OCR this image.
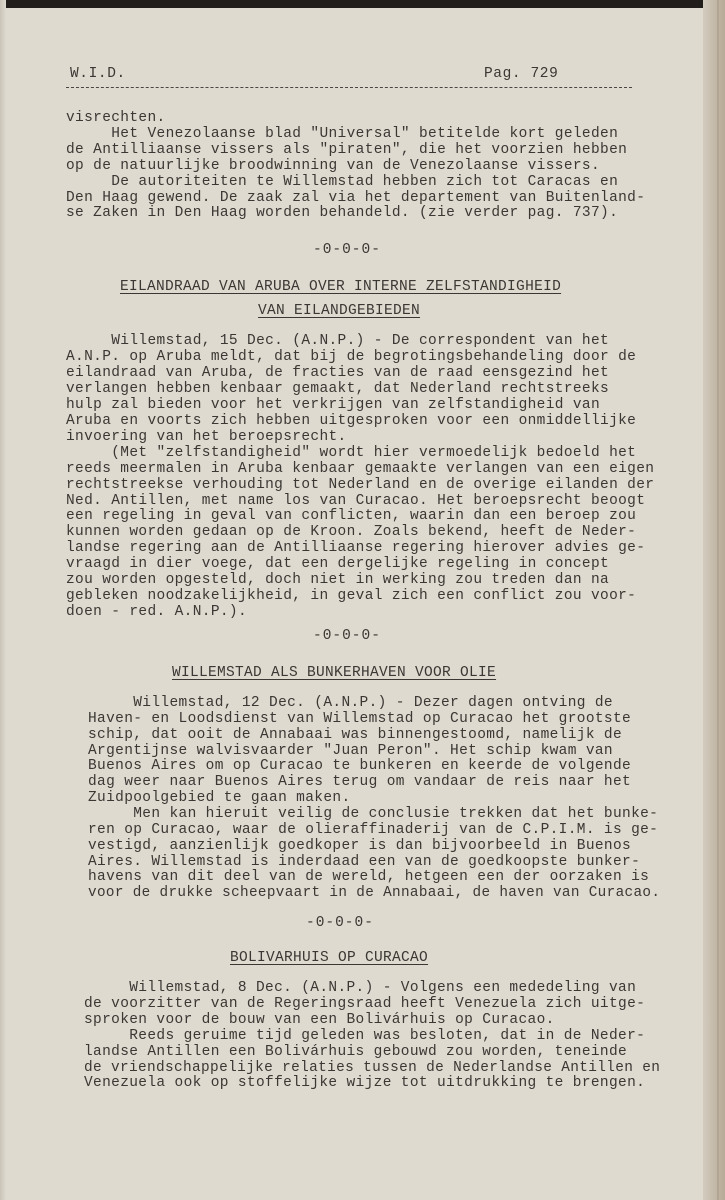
W.I.D.	Pag. 729
visrechten.
Het Venezolaanse blad "Universal" betitelde kort geleden
de Antilliaanse vissers als "piraten", die het voorzien hebben
op de natuurlijke broodwinning van de Venezolaanse vissers.
De autoriteiten te Willemstad hebben zich tot Caracas en
Den Haag gewend. De zaak zal via het departement van Buitenland-
se Zaken in Den Haag worden behandeld. (zie verder pag. 737).
-0-0-0-
EILANDRAAD VAN ARUBA OVER INTERNE ZELFSTANDIGHEID
VAN EILANDGEBIEDEN
Willemstad, 15 Dec. (A.N.P.) - De correspondent van het
A.N.P. op Aruba meldt, dat bij de begrotingsbehandeling door de
eilandraad van Aruba, de fracties van de raad eensgezind het
verlangen hebben kenbaar gemaakt, dat Nederland rechtstreeks
hulp zal bieden voor het verkrijgen van zelfstandigheid van
Aruba en voorts zich hebben uitgesproken voor een onmiddellijke
invoering van het beroepsrecht.
(Met "zelfstandigheid" wordt hier vermoedelijk bedoeld het
reeds meermalen in Aruba kenbaar gemaakte verlangen van een eigen
rechtstreekse verhouding tot Nederland en de overige eilanden der
Ned. Antillen, met name los van Curacao. Het beroepsrecht beoogt
een regeling in geval van conflicten, waarin dan een beroep zou
kunnen worden gedaan op de Kroon. Zoals bekend, heeft de Neder-
landse regering aan de Antilliaanse regering hierover advies ge-
vraagd in dier voege, dat een dergelijke regeling in concept
zou worden opgesteld, doch niet in werking zou treden dan na
gebleken noodzakelijkheid, in geval zich een conflict zou voor-
doen - red. A.N.P.).
-0-0-0-
WILLEMSTAD ALS BUNKERHAVEN VOOR OLIE
Willemstad, 12 Dec. (A.N.P.) - Dezer dagen ontving de
Haven- en Loodsdienst van Willemstad op Curacao het grootste
schip, dat ooit de Annabaai was binnengestoomd, namelijk de
Argentijnse walvisvaarder "Juan Peron". Het schip kwam van
Buenos Aires om op Curacao te bunkeren en keerde de volgende
dag weer naar Buenos Aires terug om vandaar de reis naar het
Zuidpoolgebied te gaan maken.
Men kan hieruit veilig de conclusie trekken dat het bunke-
ren op Curacao, waar de olieraffinaderij van de C.P.I.M. is ge-
vestigd, aanzienlijk goedkoper is dan bijvoorbeeld in Buenos
Aires. Willemstad is inderdaad een van de goedkoopste bunker-
havens van dit deel van de wereld, hetgeen een der oorzaken is
voor de drukke scheepvaart in de Annabaai, de haven van Curacao.
-0-0-0-
BOLIVARHUIS OP CURACAO
Willemstad, 8 Dec. (A.N.P.) - Volgens een mededeling van
de voorzitter van de Regeringsraad heeft Venezuela zich uitge-
sproken voor de bouw van een Bolivárhuis op Curacao.
Reeds geruime tijd geleden was besloten, dat in de Neder-
landse Antillen een Bolivárhuis gebouwd zou worden, teneinde
de vriendschappelijke relaties tussen de Nederlandse Antillen en
Venezuela ook op stoffelijke wijze tot uitdrukking te brengen.
